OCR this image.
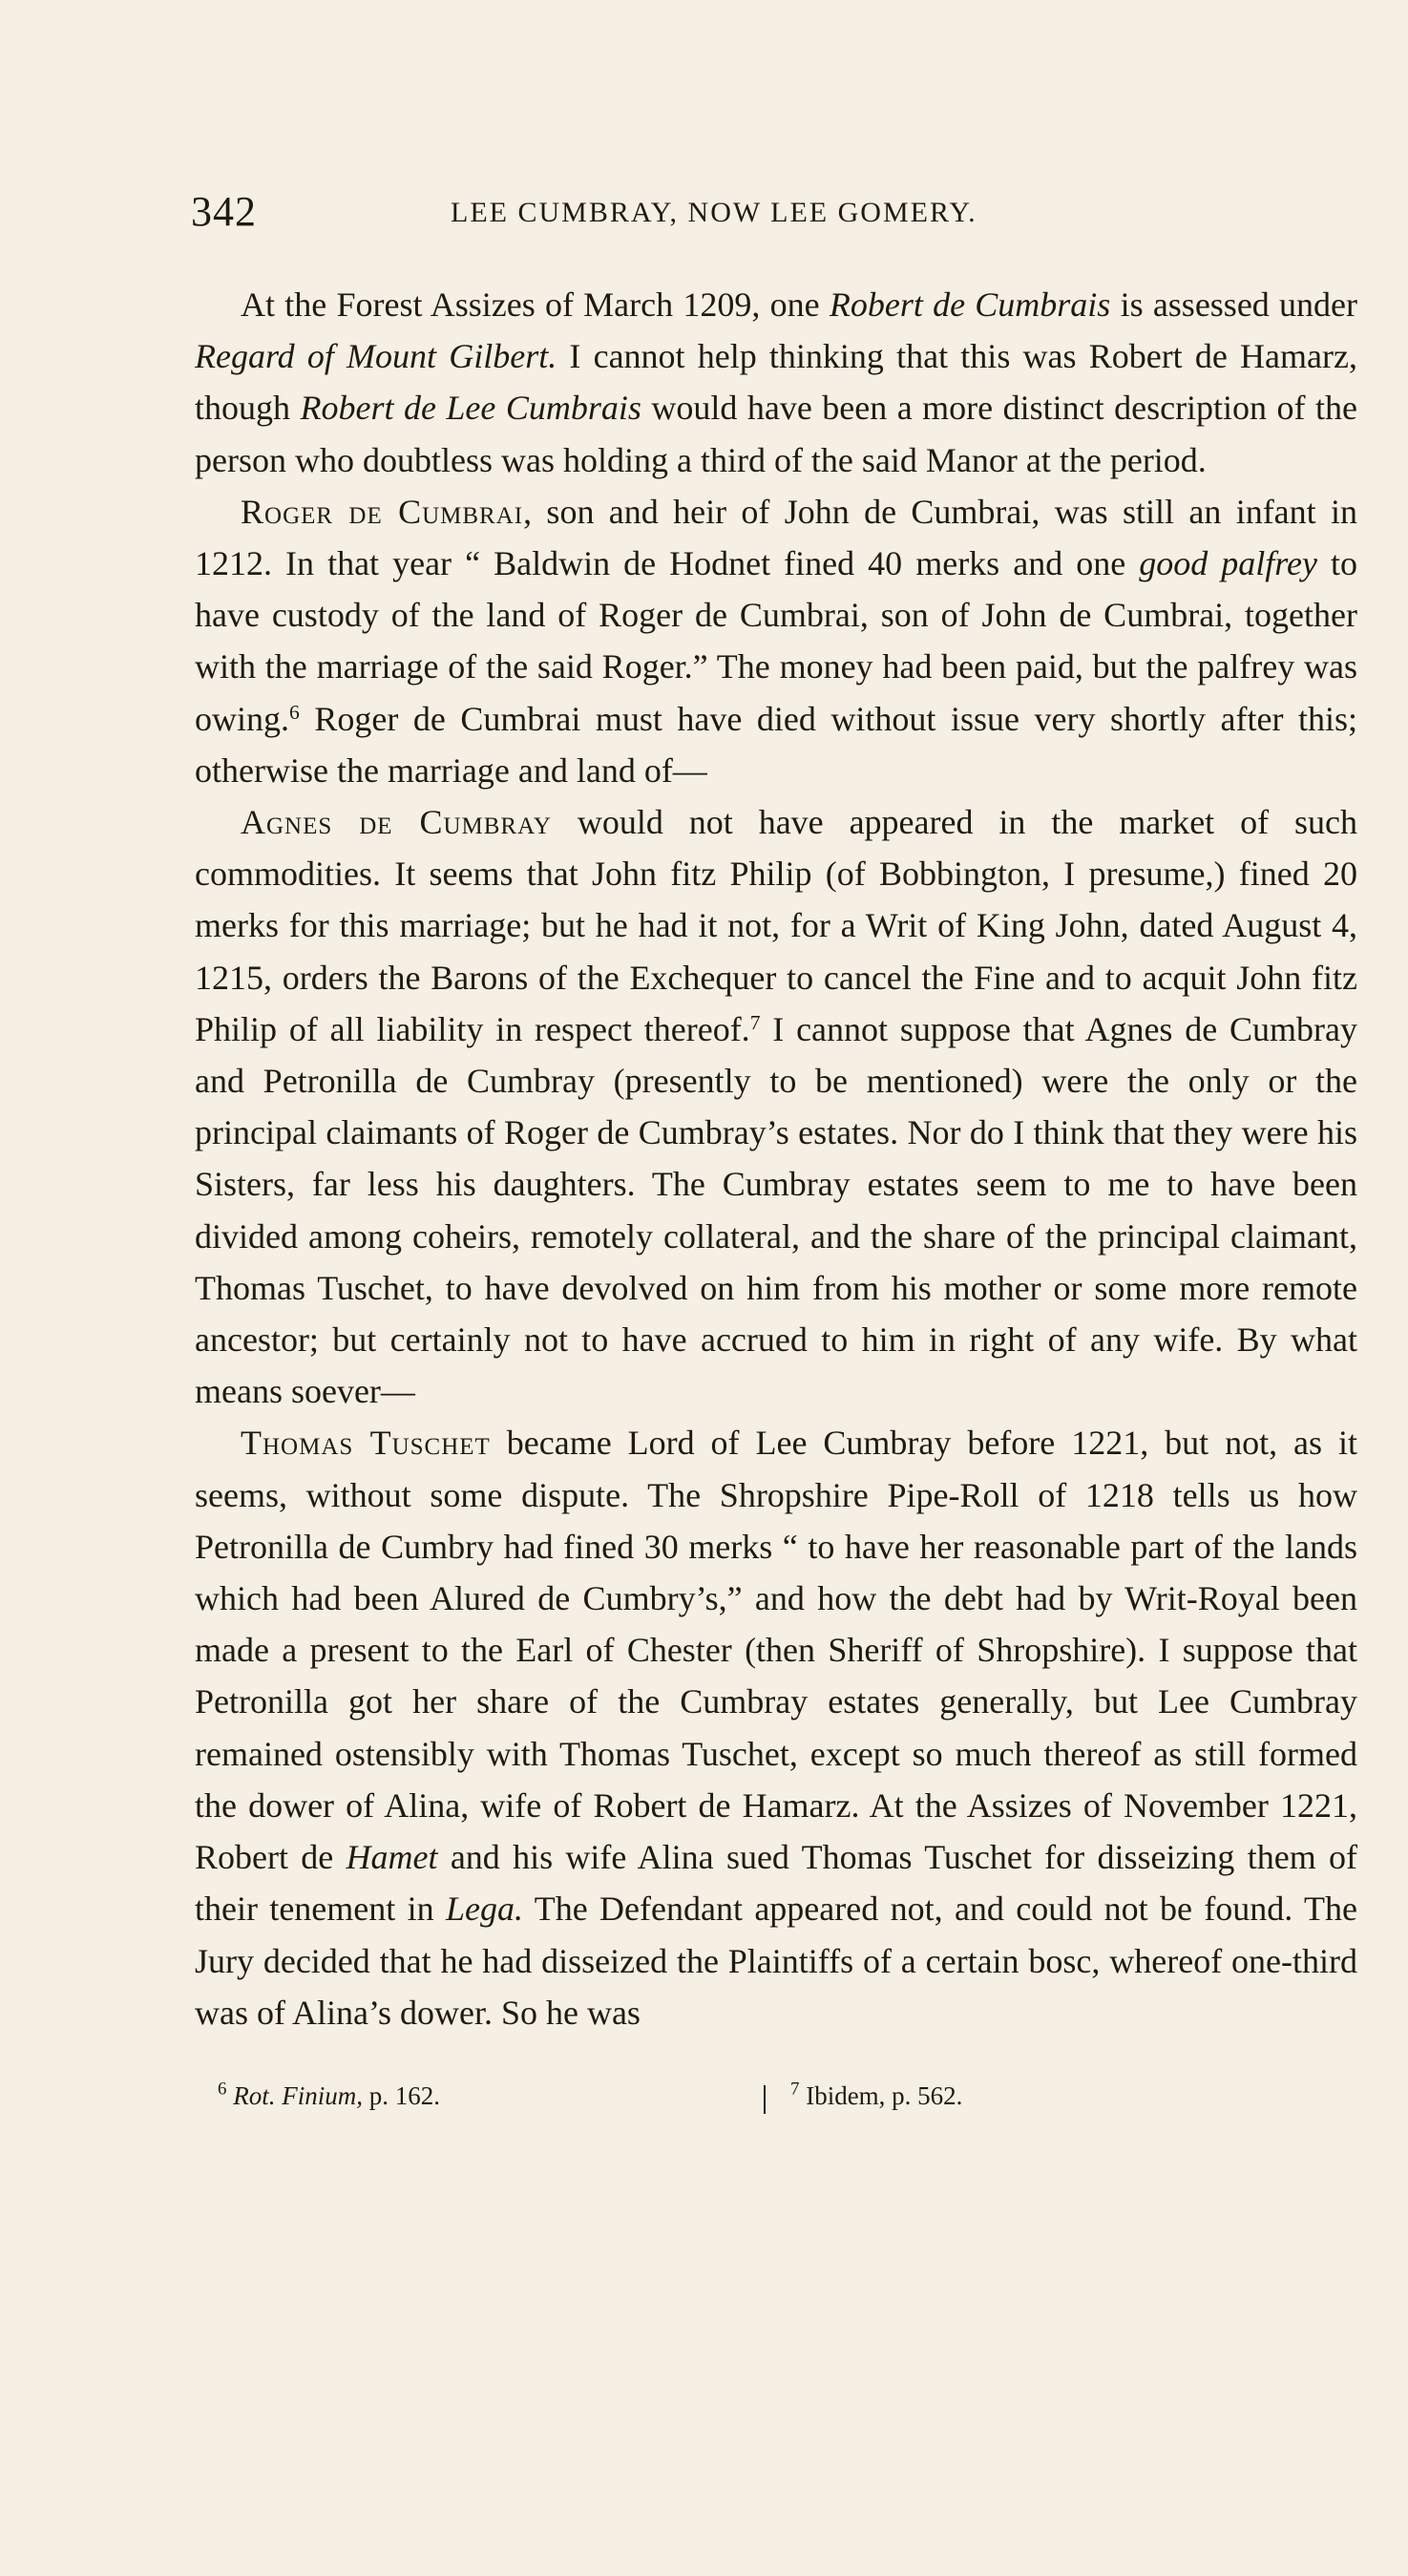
342	LEE CUMBRAY, NOW LEE GOMERY.

At the Forest Assizes of March 1209, one Robert de Cumbrais is assessed under Regard of Mount Gilbert. I cannot help thinking that this was Robert de Hamarz, though Robert de Lee Cumbrais would have been a more distinct description of the person who doubtless was holding a third of the said Manor at the period.

Roger de Cumbrai, son and heir of John de Cumbrai, was still an infant in 1212. In that year “ Baldwin de Hodnet fined 40 merks and one good palfrey to have custody of the land of Roger de Cumbrai, son of John de Cumbrai, together with the marriage of the said Roger.” The money had been paid, but the palfrey was owing.$^6$ Roger de Cumbrai must have died without issue very shortly after this; otherwise the marriage and land of—

Agnes de Cumbray would not have appeared in the market of such commodities. It seems that John fitz Philip (of Bobbington, I presume,) fined 20 merks for this marriage; but he had it not, for a Writ of King John, dated August 4, 1215, orders the Barons of the Exchequer to cancel the Fine and to acquit John fitz Philip of all liability in respect thereof.$^7$ I cannot suppose that Agnes de Cumbray and Petronilla de Cumbray (presently to be mentioned) were the only or the principal claimants of Roger de Cumbray’s estates. Nor do I think that they were his Sisters, far less his daughters. The Cumbray estates seem to me to have been divided among coheirs, remotely collateral, and the share of the principal claimant, Thomas Tuschet, to have devolved on him from his mother or some more remote ancestor; but certainly not to have accrued to him in right of any wife. By what means soever—

Thomas Tuschet became Lord of Lee Cumbray before 1221, but not, as it seems, without some dispute. The Shropshire Pipe-Roll of 1218 tells us how Petronilla de Cumbry had fined 30 merks “ to have her reasonable part of the lands which had been Alured de Cumbry’s,” and how the debt had by Writ-Royal been made a present to the Earl of Chester (then Sheriff of Shropshire). I suppose that Petronilla got her share of the Cumbray estates generally, but Lee Cumbray remained ostensibly with Thomas Tuschet, except so much thereof as still formed the dower of Alina, wife of Robert de Hamarz. At the Assizes of November 1221, Robert de Hamet and his wife Alina sued Thomas Tuschet for disseizing them of their tenement in Lega. The Defendant appeared not, and could not be found. The Jury decided that he had disseized the Plaintiffs of a certain bosc, whereof one-third was of Alina’s dower. So he was

$^6$ Rot. Finium, p. 162.	$^7$ Ibidem, p. 562.
